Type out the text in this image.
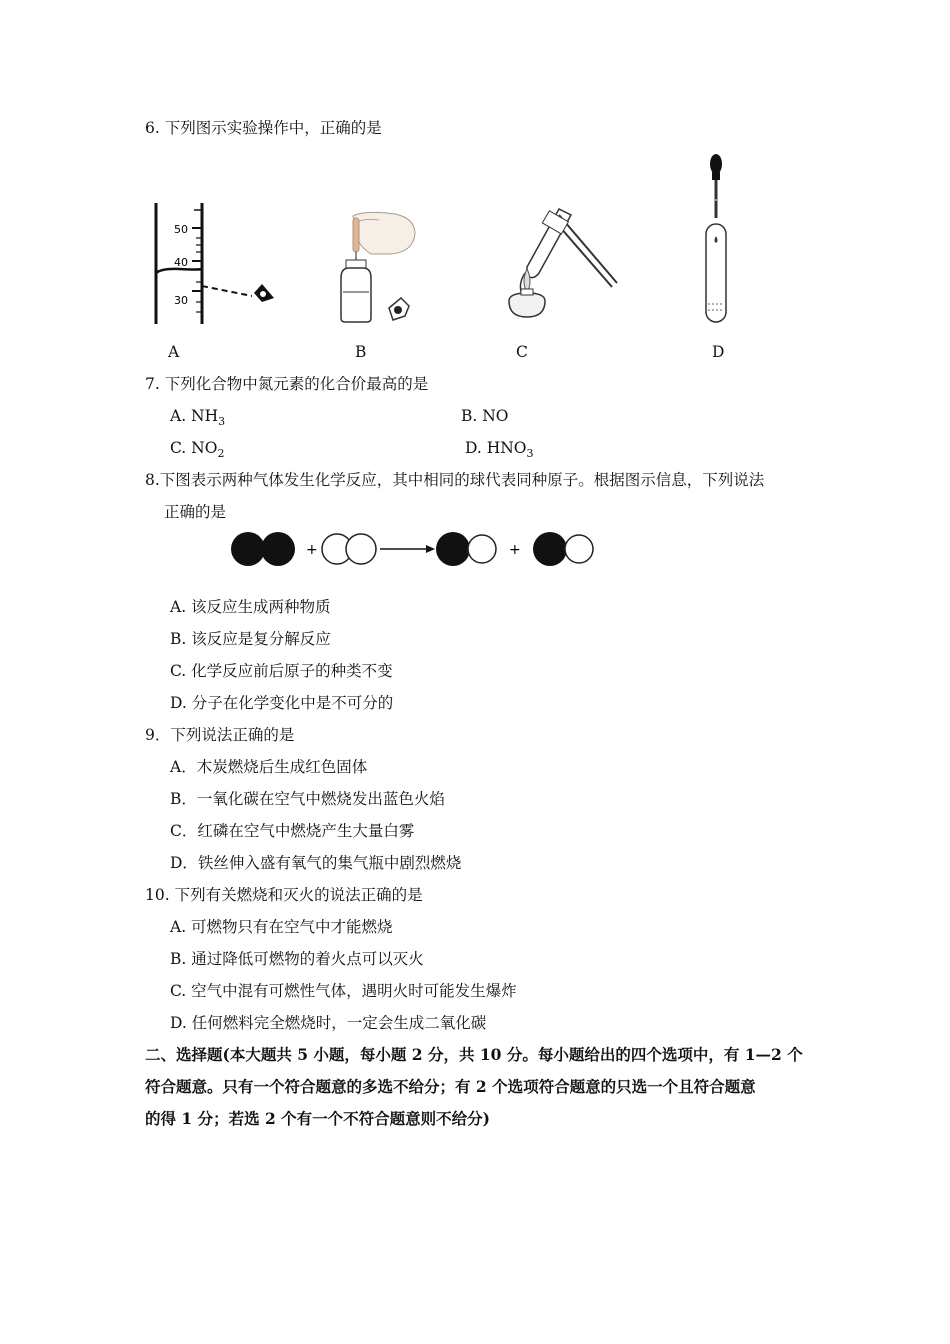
6. 下列图示实验操作中，正确的是
50
40
30
A	B	C	D
7. 下列化合物中氮元素的化合价最高的是
A. $NH_3$	B. NO
C. $NO_2$	D. $HNO_3$
8.下图表示两种气体发生化学反应，其中相同的球代表同种原子。根据图示信息，下列说法
正确的是
+	+
A. 该反应生成两种物质
B. 该反应是复分解反应
C. 化学反应前后原子的种类不变
D. 分子在化学变化中是不可分的
9．下列说法正确的是
A．木炭燃烧后生成红色固体
B．一氧化碳在空气中燃烧发出蓝色火焰
C．红磷在空气中燃烧产生大量白雾
D．铁丝伸入盛有氧气的集气瓶中剧烈燃烧
10. 下列有关燃烧和灭火的说法正确的是
A. 可燃物只有在空气中才能燃烧
B. 通过降低可燃物的着火点可以灭火
C. 空气中混有可燃性气体，遇明火时可能发生爆炸
D. 任何燃料完全燃烧时，一定会生成二氧化碳
二、选择题(本大题共 5 小题，每小题 2 分，共 10 分。每小题给出的四个选项中，有 1—2 个
符合题意。只有一个符合题意的多选不给分；有 2 个选项符合题意的只选一个且符合题意
的得 1 分；若选 2 个有一个不符合题意则不给分)
